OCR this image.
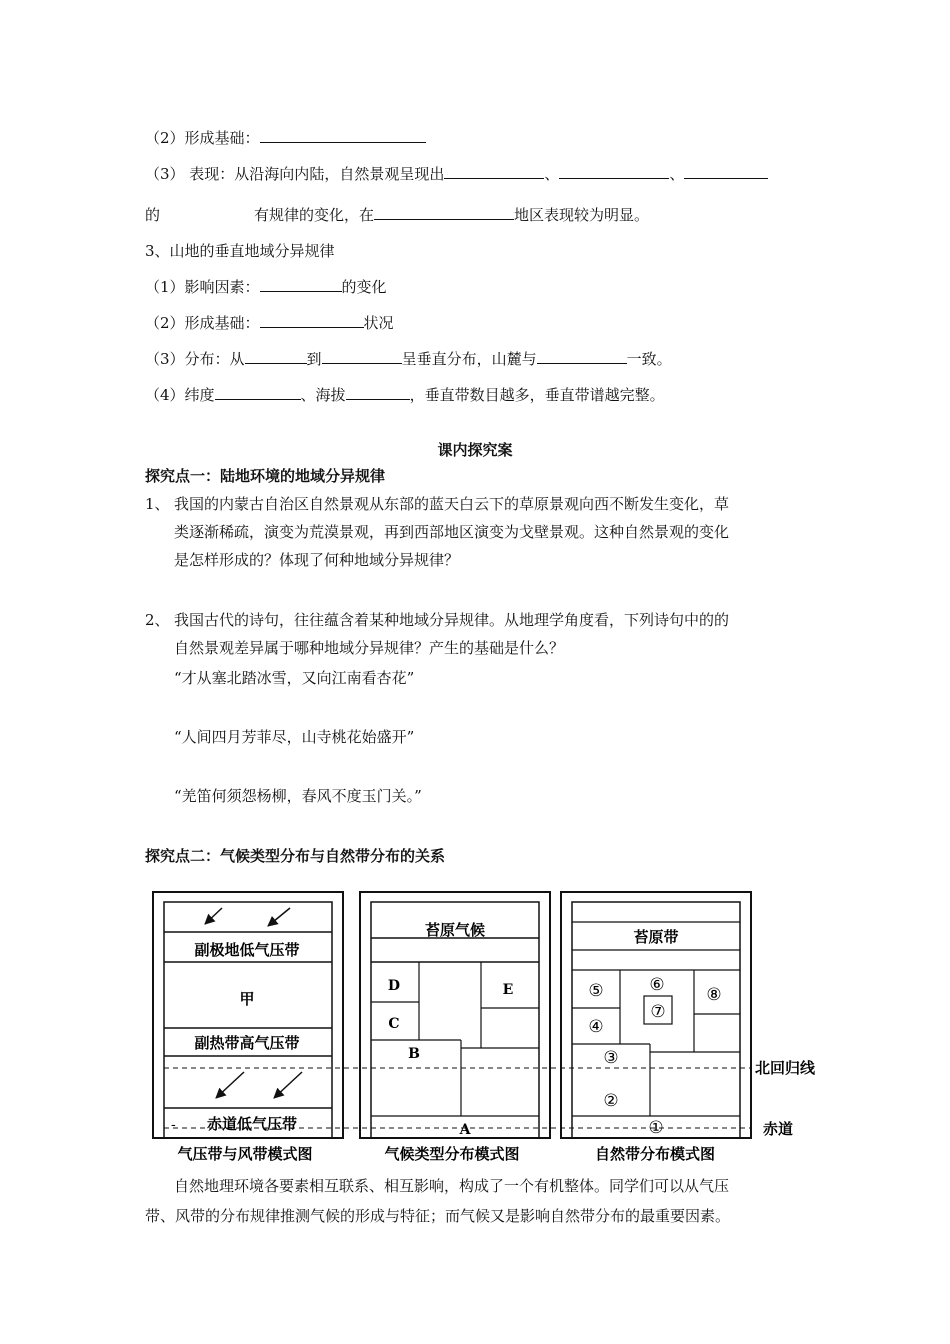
（2）形成基础：
（3） 表现：从沿海向内陆，自然景观呈现出	、	、
的	有规律的变化，在	地区表现较为明显。
3、山地的垂直地域分异规律
（1）影响因素：	的变化
（2）形成基础：	状况
（3）分布：从	到	呈垂直分布，山麓与	一致。
（4）纬度	、海拔	，垂直带数目越多，垂直带谱越完整。
课内探究案
探究点一：陆地环境的地域分异规律
1、 我国的内蒙古自治区自然景观从东部的蓝天白云下的草原景观向西不断发生变化，草
类逐渐稀疏，演变为荒漠景观，再到西部地区演变为戈壁景观。这种自然景观的变化
是怎样形成的？体现了何种地域分异规律？
2、 我国古代的诗句，往往蕴含着某种地域分异规律。从地理学角度看，下列诗句中的的
自然景观差异属于哪种地域分异规律？产生的基础是什么？
“才从塞北踏冰雪，又向江南看杏花”
“人间四月芳菲尽，山寺桃花始盛开”
“羌笛何须怨杨柳，春风不度玉门关。”
探究点二：气候类型分布与自然带分布的关系
副极地低气压带
甲
副热带高气压带
赤道低气压带
-
气压带与风带模式图
苔原气候
D
C
E
B
A
气候类型分布模式图
苔原带
⑤	⑥
⑦
⑧
④
③
②
①
自然带分布模式图
北回归线
赤道
自然地理环境各要素相互联系、相互影响，构成了一个有机整体。同学们可以从气压
带、风带的分布规律推测气候的形成与特征；而气候又是影响自然带分布的最重要因素。
